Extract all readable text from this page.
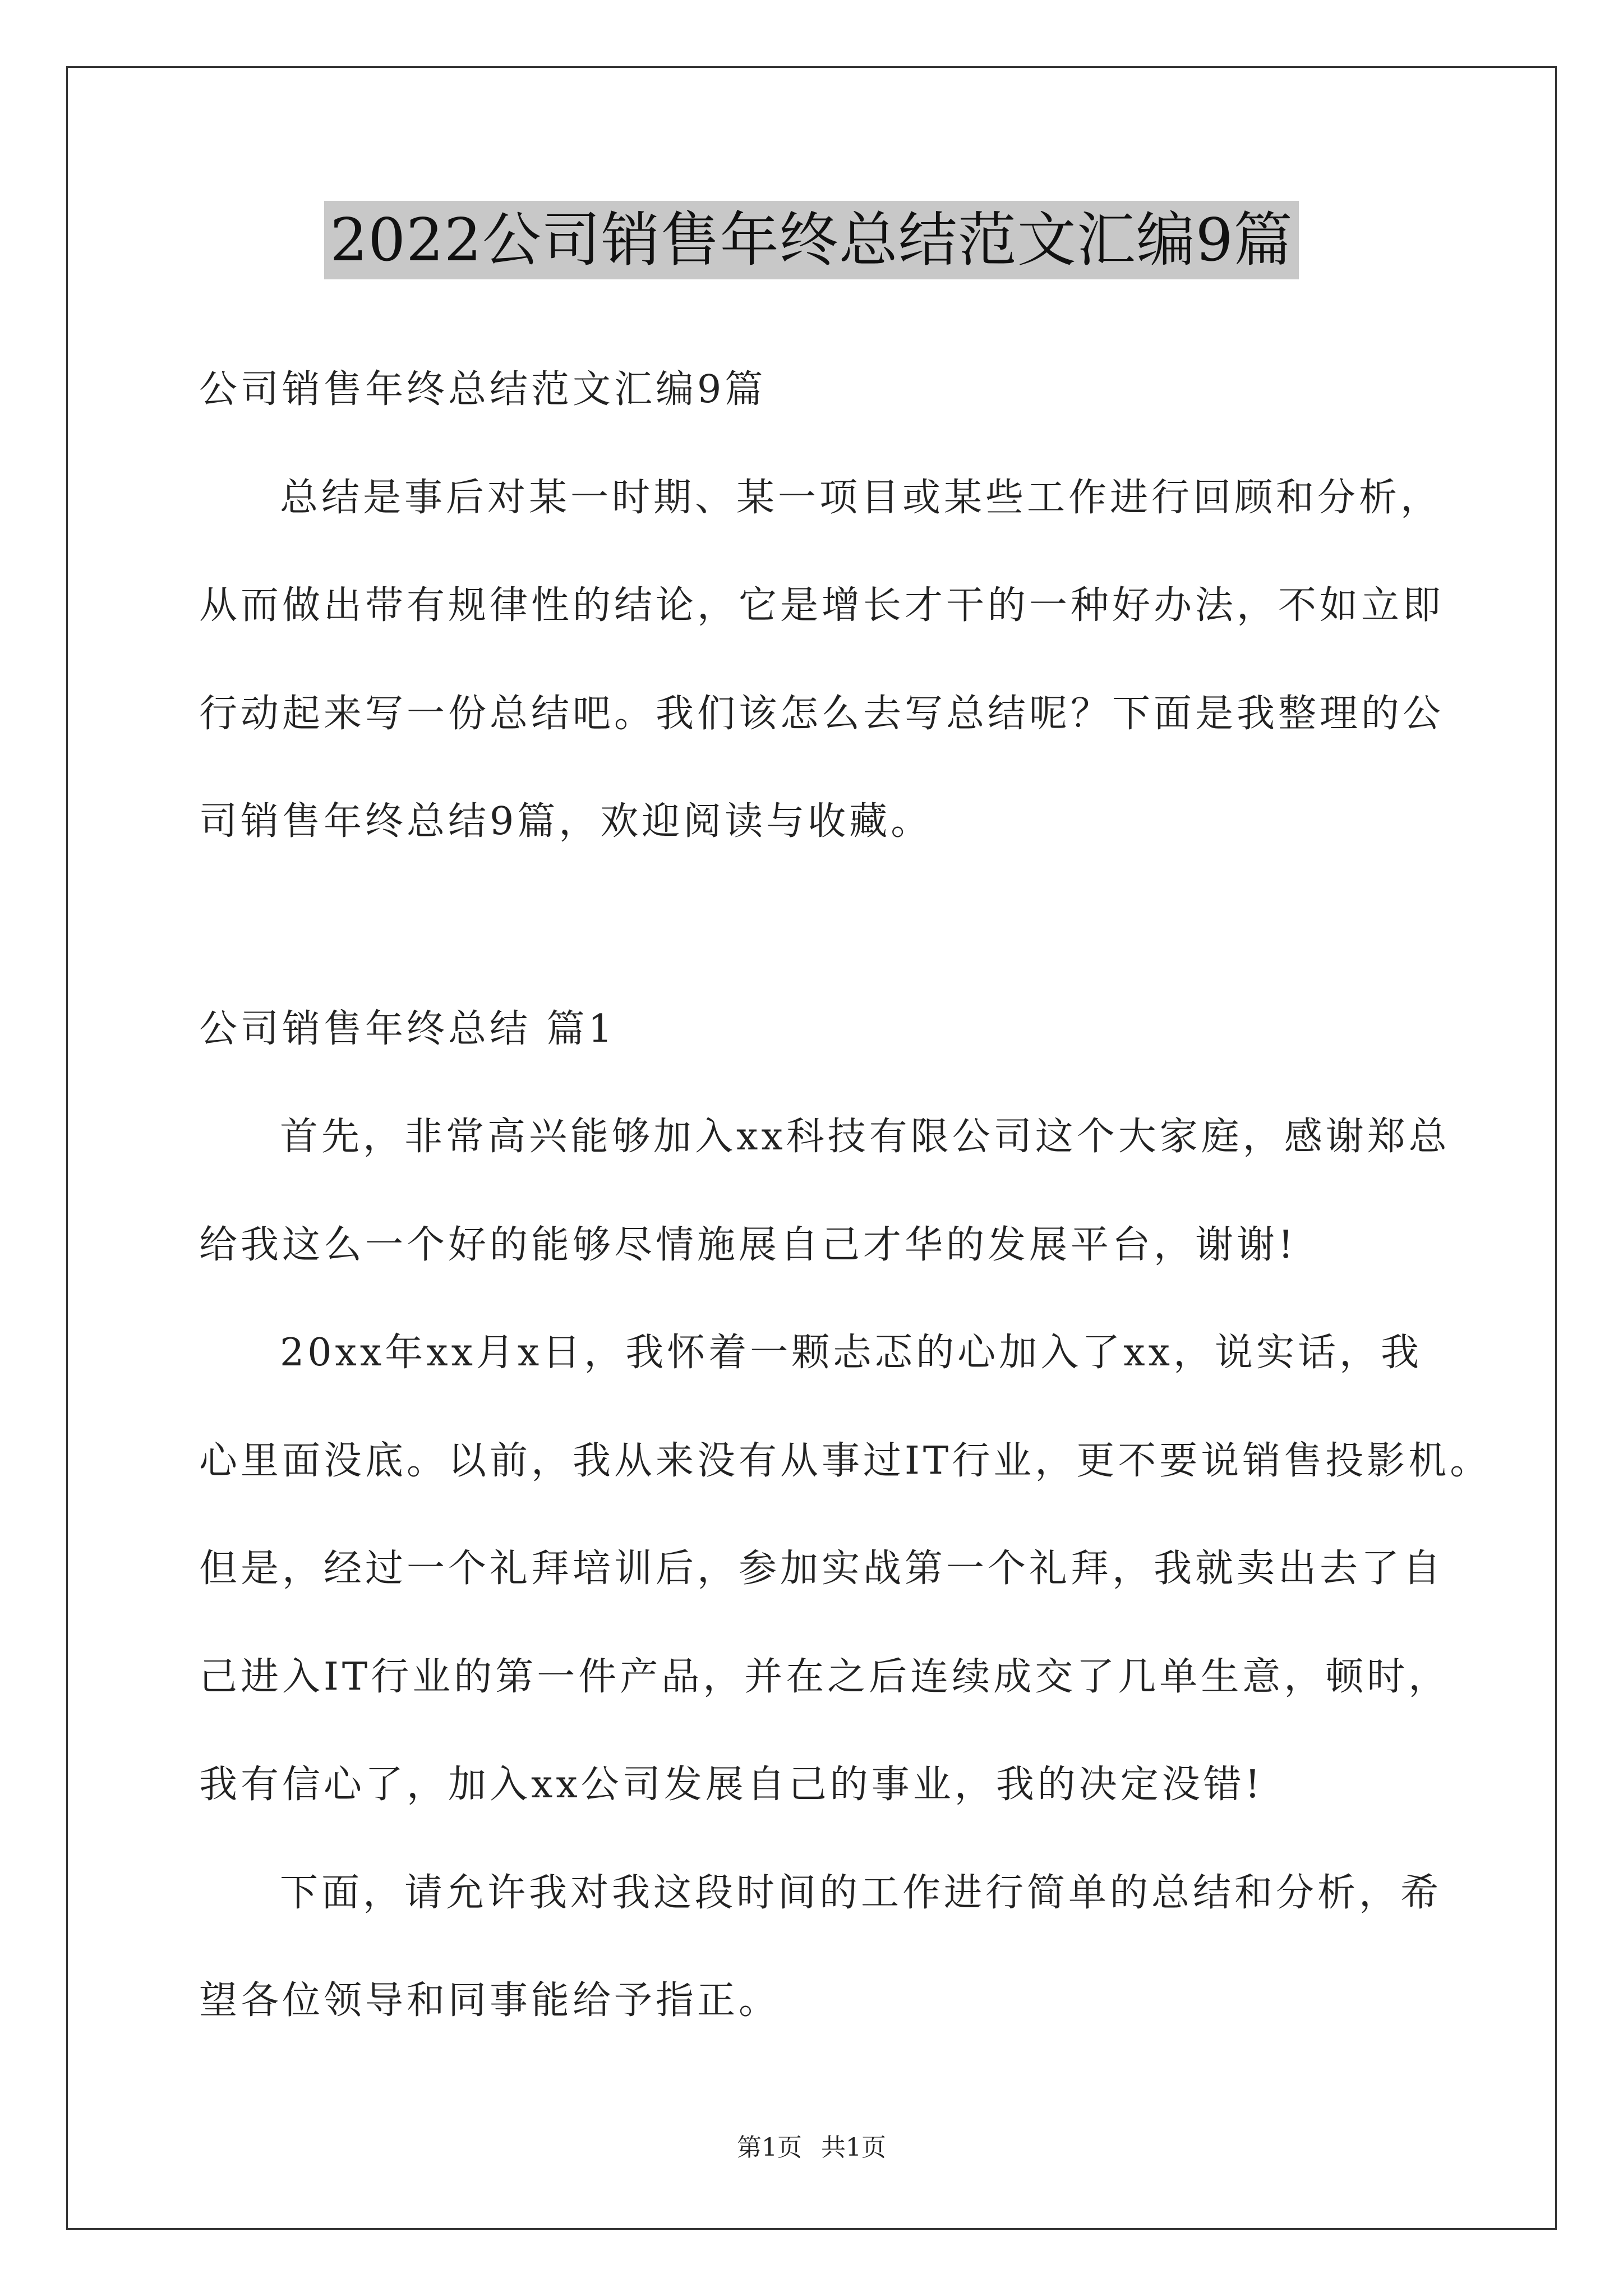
2022公司销售年终总结范文汇编9篇
公司销售年终总结范文汇编9篇
总结是事后对某一时期、某一项目或某些工作进行回顾和分析，
从而做出带有规律性的结论，它是增长才干的一种好办法，不如立即
行动起来写一份总结吧。我们该怎么去写总结呢？下面是我整理的公
司销售年终总结9篇，欢迎阅读与收藏。
公司销售年终总结 篇1
首先，非常高兴能够加入xx科技有限公司这个大家庭，感谢郑总
给我这么一个好的能够尽情施展自己才华的发展平台，谢谢!
20xx年xx月x日，我怀着一颗忐忑的心加入了xx，说实话，我
心里面没底。以前，我从来没有从事过IT行业，更不要说销售投影机。
但是，经过一个礼拜培训后，参加实战第一个礼拜，我就卖出去了自
己进入IT行业的第一件产品，并在之后连续成交了几单生意，顿时，
我有信心了，加入xx公司发展自己的事业，我的决定没错!
下面，请允许我对我这段时间的工作进行简单的总结和分析，希
望各位领导和同事能给予指正。
第1页 共1页
